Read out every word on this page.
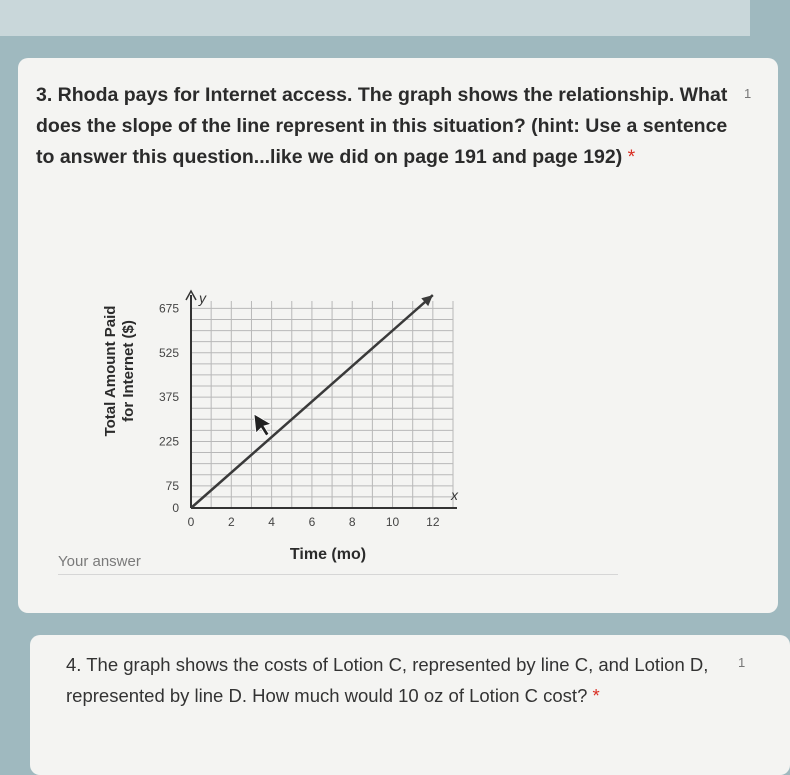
3. Rhoda pays for Internet access. The graph shows the relationship. What does the slope of the line represent in this situation? (hint: Use a sentence to answer this question...like we did on page 191 and page 192) *
1
x
y
0	2	4	6	8	10 12
0
75
225
375
525
675
Total Amount Paid for Internet ($)
Time (mo)
Your answer
4. The graph shows the costs of Lotion C, represented by line C, and Lotion D, represented by line D. How much would 10 oz of Lotion C cost? *
1
